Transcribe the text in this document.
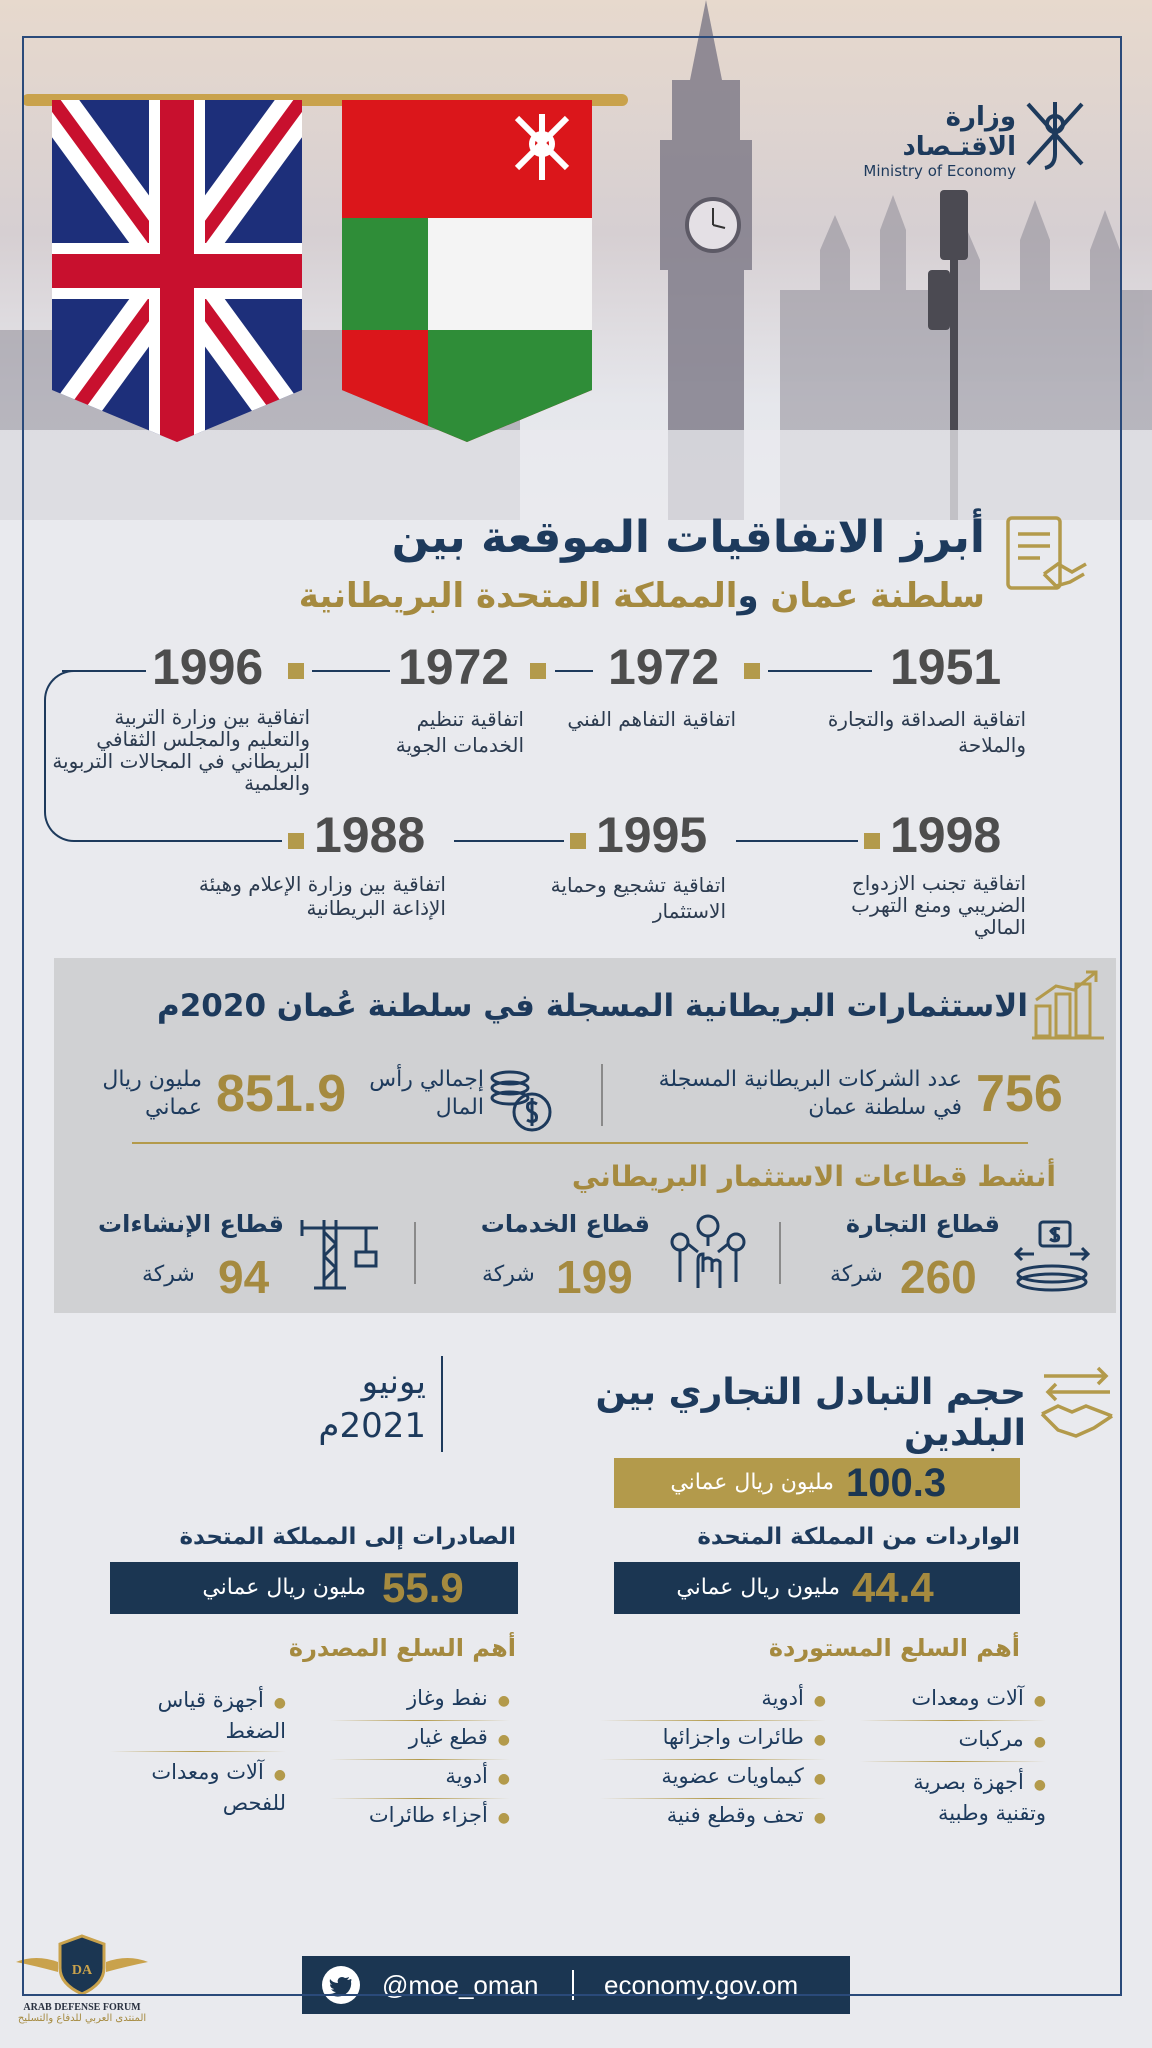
وزارة الاقتـصاد
Ministry of Economy
أبرز الاتفاقيات الموقعة بين
سلطنة عمان والمملكة المتحدة البريطانية
1951
اتفاقية الصداقة والتجارة والملاحة
1972
اتفاقية التفاهم الفني
1972
اتفاقية تنظيم الخدمات الجوية
1996
اتفاقية بين وزارة التربية والتعليم والمجلس الثقافي البريطاني في المجالات التربوية والعلمية
1988
اتفاقية بين وزارة الإعلام وهيئة الإذاعة البريطانية
1995
اتفاقية تشجيع وحماية الاستثمار
1998
اتفاقية تجنب الازدواج الضريبي ومنع التهرب المالي
الاستثمارات البريطانية المسجلة في سلطنة عُمان 2020م
756
عدد الشركات البريطانية المسجلة في سلطنة عمان
إجمالي رأس المال
851.9
مليون ريال عماني
أنشط قطاعات الاستثمار البريطاني
قطاع التجارة
260
شركة
قطاع الخدمات
199
شركة
قطاع الإنشاءات
94
شركة
حجم التبادل التجاري بين البلدين
يونيو 2021م
100.3
مليون ريال عماني
الواردات من المملكة المتحدة
44.4
مليون ريال عماني
الصادرات إلى المملكة المتحدة
55.9
مليون ريال عماني
أهم السلع المستوردة
● آلات ومعدات
● مركبات
● أجهزة بصرية وتقنية وطبية
● أدوية
● طائرات واجزائها
● كيماويات عضوية
● تحف وقطع فنية
أهم السلع المصدرة
● نفط وغاز
● قطع غيار
● أدوية
● أجزاء طائرات
● أجهزة قياس الضغط
● آلات ومعدات للفحص
@moe_oman	economy.gov.om
DA
ARAB DEFENSE FORUM
المنتدى العربي للدفاع والتسليح
